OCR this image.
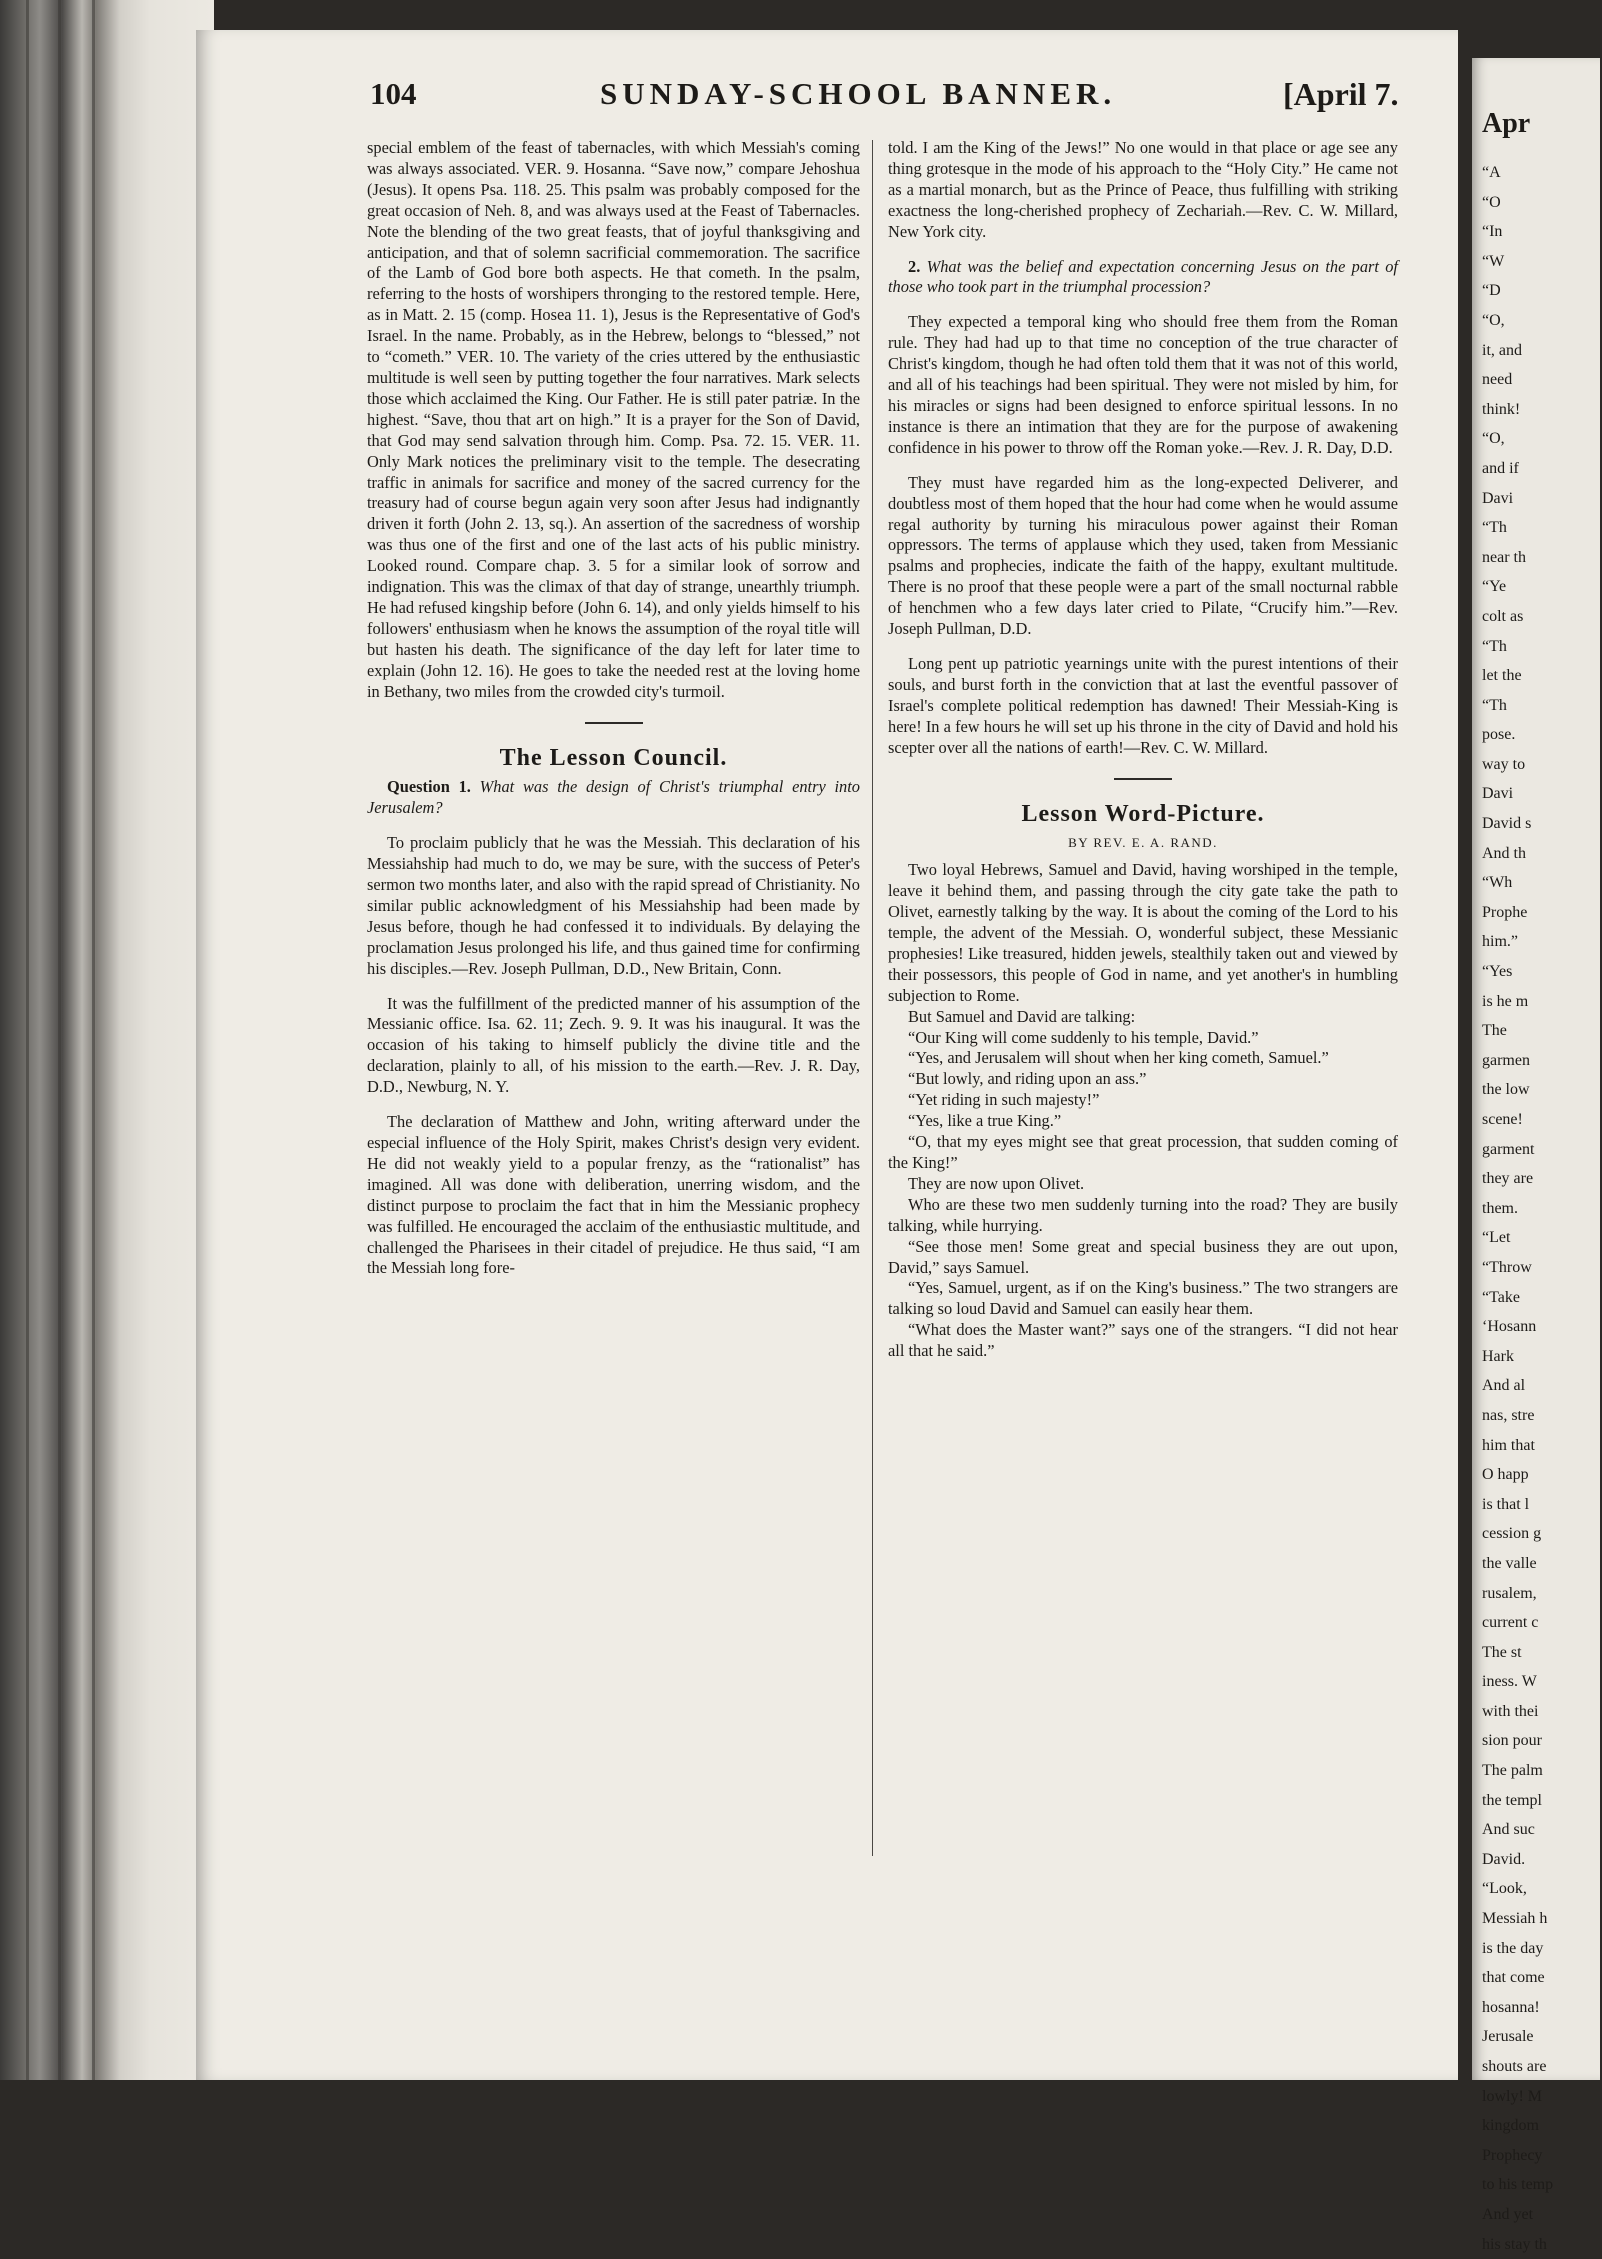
Apr
“A
“O
“In
“W
“D
“O,
it, and
need
think!
“O,
and if
Davi
“Th
near th
“Ye
colt as
“Th
let the
“Th
pose.
way to
Davi
David s
And th
“Wh
Prophe
him.”
“Yes
is he m
The
garmen
the low
scene!
garment
they are
them.
“Let
“Throw
“Take
‘Hosann
Hark
And al
nas, stre
him that
O happ
is that l
cession g
the valle
rusalem,
current c
The st
iness. W
with thei
sion pour
The palm
the templ
And suc
David.
“Look,
Messiah h
is the day
that come
hosanna!
Jerusale
shouts are
lowly! M
kingdom
Prophecy
to his temp
And yet
his stay th
104	SUNDAY-SCHOOL BANNER.	[April 7.

special emblem of the feast of tabernacles, with which Messiah's coming was always associated. VER. 9. Hosanna. “Save now,” compare Jehoshua (Jesus). It opens Psa. 118. 25. This psalm was probably composed for the great occasion of Neh. 8, and was always used at the Feast of Tabernacles. Note the blending of the two great feasts, that of joyful thanksgiving and anticipation, and that of solemn sacrificial commemoration. The sacrifice of the Lamb of God bore both aspects. He that cometh. In the psalm, referring to the hosts of worshipers thronging to the restored temple. Here, as in Matt. 2. 15 (comp. Hosea 11. 1), Jesus is the Representative of God's Israel. In the name. Probably, as in the Hebrew, belongs to “blessed,” not to “cometh.” VER. 10. The variety of the cries uttered by the enthusiastic multitude is well seen by putting together the four narratives. Mark selects those which acclaimed the King. Our Father. He is still pater patriæ. In the highest. “Save, thou that art on high.” It is a prayer for the Son of David, that God may send salvation through him. Comp. Psa. 72. 15. VER. 11. Only Mark notices the preliminary visit to the temple. The desecrating traffic in animals for sacrifice and money of the sacred currency for the treasury had of course begun again very soon after Jesus had indignantly driven it forth (John 2. 13, sq.). An assertion of the sacredness of worship was thus one of the first and one of the last acts of his public ministry. Looked round. Compare chap. 3. 5 for a similar look of sorrow and indignation. This was the climax of that day of strange, unearthly triumph. He had refused kingship before (John 6. 14), and only yields himself to his followers' enthusiasm when he knows the assumption of the royal title will but hasten his death. The significance of the day left for later time to explain (John 12. 16). He goes to take the needed rest at the loving home in Bethany, two miles from the crowded city's turmoil.

The Lesson Council.

Question 1. What was the design of Christ's triumphal entry into Jerusalem?

To proclaim publicly that he was the Messiah. This declaration of his Messiahship had much to do, we may be sure, with the success of Peter's sermon two months later, and also with the rapid spread of Christianity. No similar public acknowledgment of his Messiahship had been made by Jesus before, though he had confessed it to individuals. By delaying the proclamation Jesus prolonged his life, and thus gained time for confirming his disciples.—Rev. Joseph Pullman, D.D., New Britain, Conn.

It was the fulfillment of the predicted manner of his assumption of the Messianic office. Isa. 62. 11; Zech. 9. 9. It was his inaugural. It was the occasion of his taking to himself publicly the divine title and the declaration, plainly to all, of his mission to the earth.—Rev. J. R. Day, D.D., Newburg, N. Y.

The declaration of Matthew and John, writing afterward under the especial influence of the Holy Spirit, makes Christ's design very evident. He did not weakly yield to a popular frenzy, as the “rationalist” has imagined. All was done with deliberation, unerring wisdom, and the distinct purpose to proclaim the fact that in him the Messianic prophecy was fulfilled. He encouraged the acclaim of the enthusiastic multitude, and challenged the Pharisees in their citadel of prejudice. He thus said, “I am the Messiah long fore-

told. I am the King of the Jews!” No one would in that place or age see any thing grotesque in the mode of his approach to the “Holy City.” He came not as a martial monarch, but as the Prince of Peace, thus fulfilling with striking exactness the long-cherished prophecy of Zechariah.—Rev. C. W. Millard, New York city.

2. What was the belief and expectation concerning Jesus on the part of those who took part in the triumphal procession?

They expected a temporal king who should free them from the Roman rule. They had had up to that time no conception of the true character of Christ's kingdom, though he had often told them that it was not of this world, and all of his teachings had been spiritual. They were not misled by him, for his miracles or signs had been designed to enforce spiritual lessons. In no instance is there an intimation that they are for the purpose of awakening confidence in his power to throw off the Roman yoke.—Rev. J. R. Day, D.D.

They must have regarded him as the long-expected Deliverer, and doubtless most of them hoped that the hour had come when he would assume regal authority by turning his miraculous power against their Roman oppressors. The terms of applause which they used, taken from Messianic psalms and prophecies, indicate the faith of the happy, exultant multitude. There is no proof that these people were a part of the small nocturnal rabble of henchmen who a few days later cried to Pilate, “Crucify him.”—Rev. Joseph Pullman, D.D.

Long pent up patriotic yearnings unite with the purest intentions of their souls, and burst forth in the conviction that at last the eventful passover of Israel's complete political redemption has dawned! Their Messiah-King is here! In a few hours he will set up his throne in the city of David and hold his scepter over all the nations of earth!—Rev. C. W. Millard.

Lesson Word-Picture.
BY REV. E. A. RAND.

Two loyal Hebrews, Samuel and David, having worshiped in the temple, leave it behind them, and passing through the city gate take the path to Olivet, earnestly talking by the way. It is about the coming of the Lord to his temple, the advent of the Messiah. O, wonderful subject, these Messianic prophesies! Like treasured, hidden jewels, stealthily taken out and viewed by their possessors, this people of God in name, and yet another's in humbling subjection to Rome.

But Samuel and David are talking:

“Our King will come suddenly to his temple, David.”

“Yes, and Jerusalem will shout when her king cometh, Samuel.”

“But lowly, and riding upon an ass.”

“Yet riding in such majesty!”

“Yes, like a true King.”

“O, that my eyes might see that great procession, that sudden coming of the King!”

They are now upon Olivet.

Who are these two men suddenly turning into the road? They are busily talking, while hurrying.

“See those men! Some great and special business they are out upon, David,” says Samuel.

“Yes, Samuel, urgent, as if on the King's business.” The two strangers are talking so loud David and Samuel can easily hear them.

“What does the Master want?” says one of the strangers. “I did not hear all that he said.”
